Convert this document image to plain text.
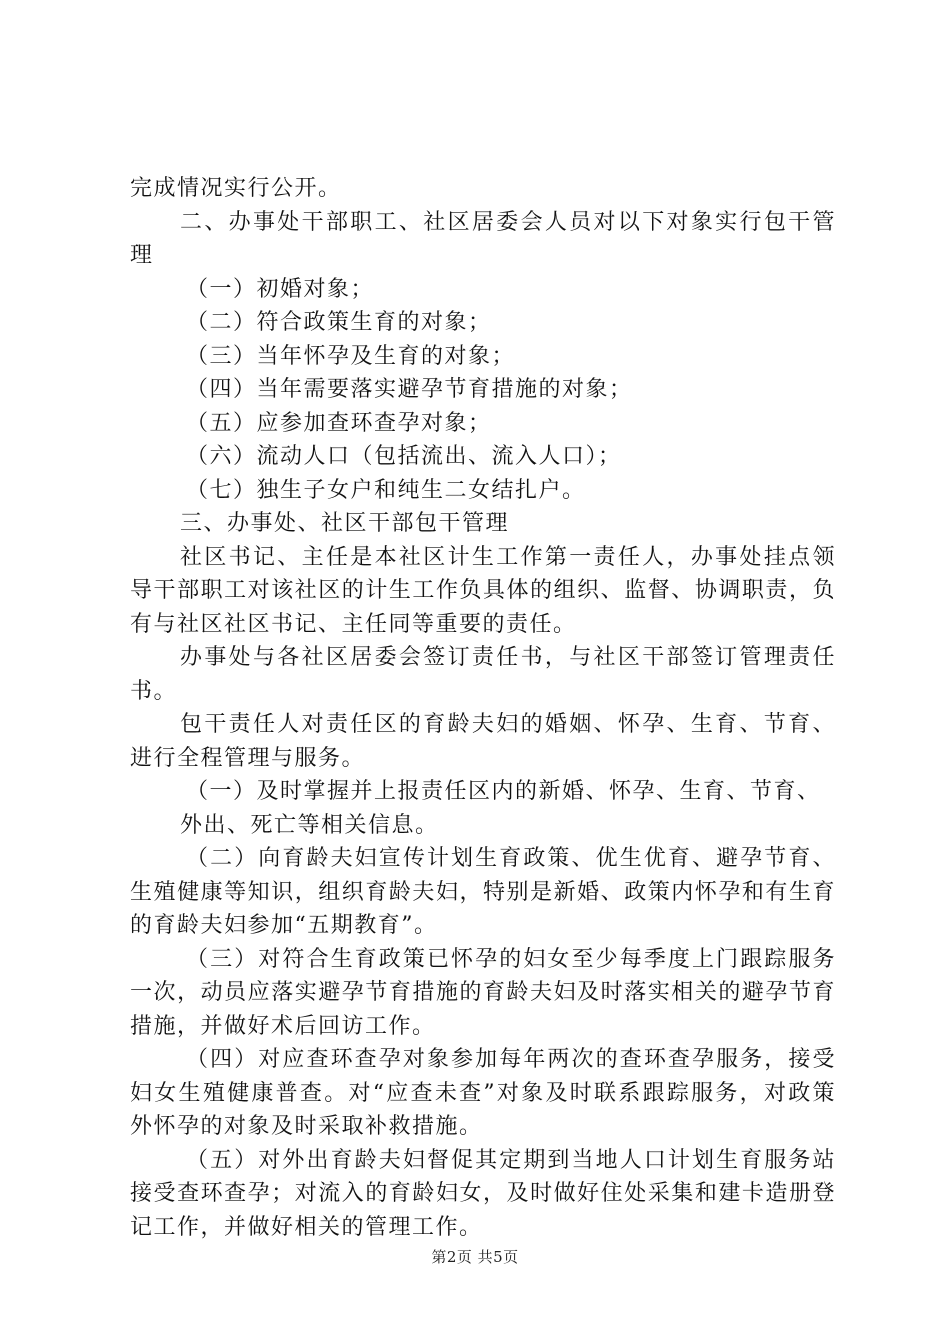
完成情况实行公开。

二、办事处干部职工、社区居委会人员对以下对象实行包干管理

（一）初婚对象；

（二）符合政策生育的对象；

（三）当年怀孕及生育的对象；

（四）当年需要落实避孕节育措施的对象；

（五）应参加查环查孕对象；

（六）流动人口（包括流出、流入人口）；

（七）独生子女户和纯生二女结扎户。

三、办事处、社区干部包干管理

社区书记、主任是本社区计生工作第一责任人，办事处挂点领导干部职工对该社区的计生工作负具体的组织、监督、协调职责，负有与社区社区书记、主任同等重要的责任。

办事处与各社区居委会签订责任书，与社区干部签订管理责任书。

包干责任人对责任区的育龄夫妇的婚姻、怀孕、生育、节育、进行全程管理与服务。

（一）及时掌握并上报责任区内的新婚、怀孕、生育、节育、

外出、死亡等相关信息。

（二）向育龄夫妇宣传计划生育政策、优生优育、避孕节育、生殖健康等知识，组织育龄夫妇，特别是新婚、政策内怀孕和有生育的育龄夫妇参加“五期教育”。

（三）对符合生育政策已怀孕的妇女至少每季度上门跟踪服务一次，动员应落实避孕节育措施的育龄夫妇及时落实相关的避孕节育措施，并做好术后回访工作。

（四）对应查环查孕对象参加每年两次的查环查孕服务，接受妇女生殖健康普查。对“应查未查”对象及时联系跟踪服务，对政策外怀孕的对象及时采取补救措施。

（五）对外出育龄夫妇督促其定期到当地人口计划生育服务站接受查环查孕；对流入的育龄妇女，及时做好住处采集和建卡造册登记工作，并做好相关的管理工作。

第2页 共5页
